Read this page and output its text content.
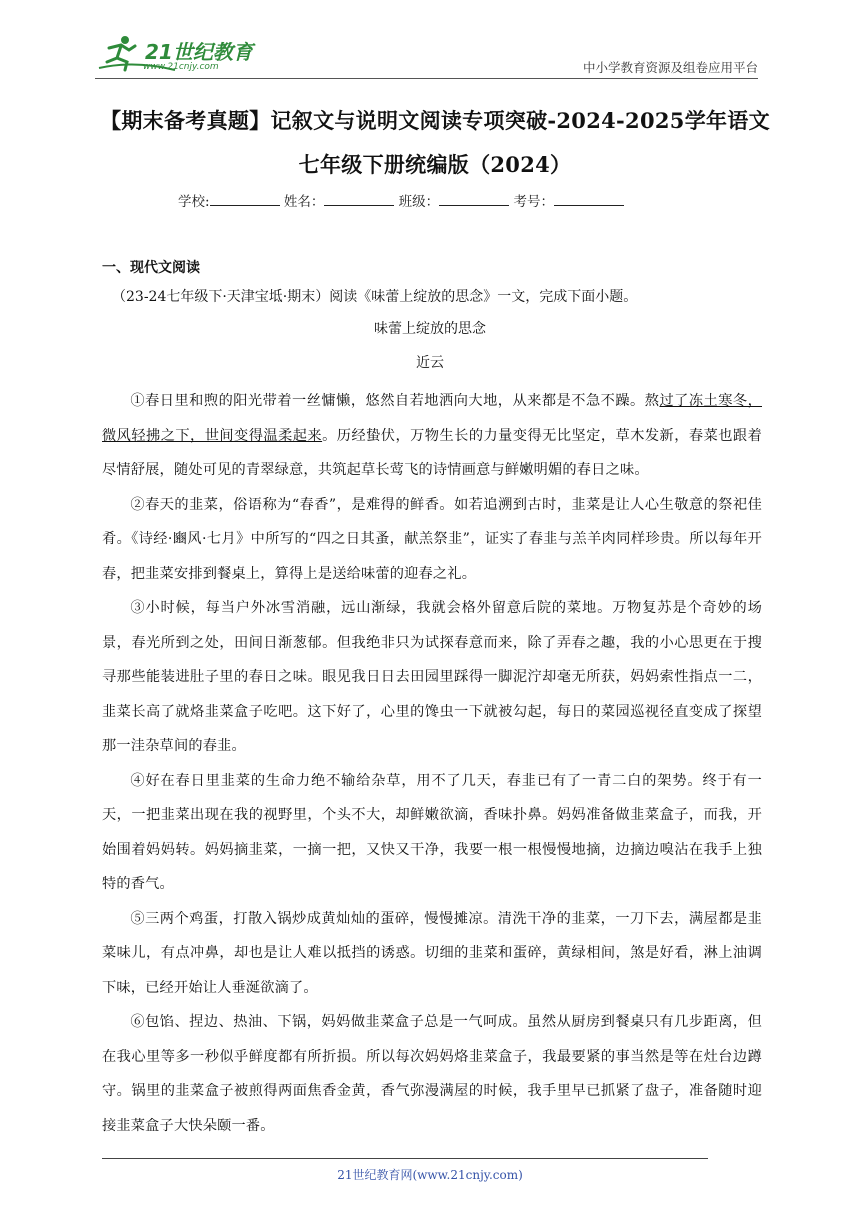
21世纪教育
www.21cnjy.com	中小学教育资源及组卷应用平台
【期末备考真题】记叙文与说明文阅读专项突破-2024-2025学年语文
七年级下册统编版（2024）
学校:	姓名：	班级：	考号：
一、现代文阅读
（23-24七年级下·天津宝坻·期末）阅读《味蕾上绽放的思念》一文，完成下面小题。
味蕾上绽放的思念
近云

①春日里和煦的阳光带着一丝慵懒，悠然自若地洒向大地，从来都是不急不躁。熬过了冻土寒冬，微风轻拂之下，世间变得温柔起来。历经蛰伏，万物生长的力量变得无比坚定，草木发新，春菜也跟着尽情舒展，随处可见的青翠绿意，共筑起草长莺飞的诗情画意与鲜嫩明媚的春日之味。

②春天的韭菜，俗语称为“春香”，是难得的鲜香。如若追溯到古时，韭菜是让人心生敬意的祭祀佳肴。《诗经·豳风·七月》中所写的“四之日其蚤，献羔祭韭”，证实了春韭与羔羊肉同样珍贵。所以每年开春，把韭菜安排到餐桌上，算得上是送给味蕾的迎春之礼。

③小时候，每当户外冰雪消融，远山渐绿，我就会格外留意后院的菜地。万物复苏是个奇妙的场景，春光所到之处，田间日渐葱郁。但我绝非只为试探春意而来，除了弄春之趣，我的小心思更在于搜寻那些能装进肚子里的春日之味。眼见我日日去田园里踩得一脚泥泞却毫无所获，妈妈索性指点一二，韭菜长高了就烙韭菜盒子吃吧。这下好了，心里的馋虫一下就被勾起，每日的菜园巡视径直变成了探望那一洼杂草间的春韭。

④好在春日里韭菜的生命力绝不输给杂草，用不了几天，春韭已有了一青二白的架势。终于有一天，一把韭菜出现在我的视野里，个头不大，却鲜嫩欲滴，香味扑鼻。妈妈准备做韭菜盒子，而我，开始围着妈妈转。妈妈摘韭菜，一摘一把，又快又干净，我要一根一根慢慢地摘，边摘边嗅沾在我手上独特的香气。

⑤三两个鸡蛋，打散入锅炒成黄灿灿的蛋碎，慢慢摊凉。清洗干净的韭菜，一刀下去，满屋都是韭菜味儿，有点冲鼻，却也是让人难以抵挡的诱惑。切细的韭菜和蛋碎，黄绿相间，煞是好看，淋上油调下味，已经开始让人垂涎欲滴了。

⑥包馅、捏边、热油、下锅，妈妈做韭菜盒子总是一气呵成。虽然从厨房到餐桌只有几步距离，但在我心里等多一秒似乎鲜度都有所折损。所以每次妈妈烙韭菜盒子，我最要紧的事当然是等在灶台边蹲守。锅里的韭菜盒子被煎得两面焦香金黄，香气弥漫满屋的时候，我手里早已抓紧了盘子，准备随时迎接韭菜盒子大快朵颐一番。

21世纪教育网(www.21cnjy.com)
